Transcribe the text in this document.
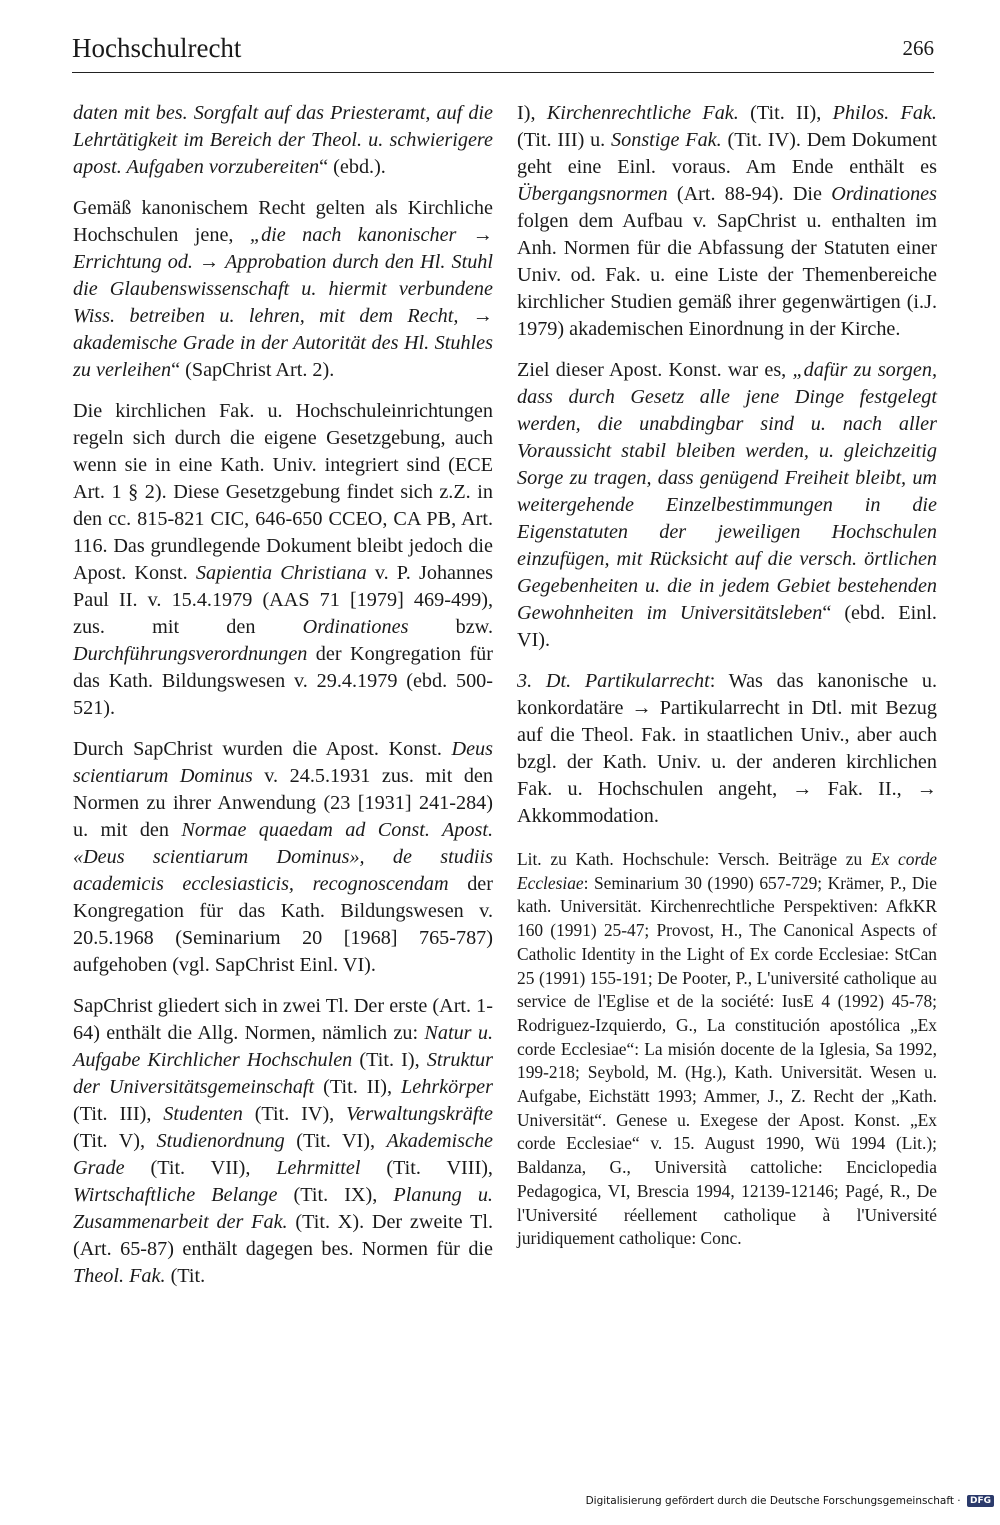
Hochschulrecht	266

daten mit bes. Sorgfalt auf das Priesteramt, auf die Lehrtätigkeit im Bereich der Theol. u. schwierigere apost. Aufgaben vorzubereiten“ (ebd.).

Gemäß kanonischem Recht gelten als Kirchliche Hochschulen jene, „die nach kanonischer → Errichtung od. → Approbation durch den Hl. Stuhl die Glaubenswissenschaft u. hiermit verbundene Wiss. betreiben u. lehren, mit dem Recht, → akademische Grade in der Autorität des Hl. Stuhles zu verleihen“ (SapChrist Art. 2).

Die kirchlichen Fak. u. Hochschuleinrichtungen regeln sich durch die eigene Gesetzgebung, auch wenn sie in eine Kath. Univ. integriert sind (ECE Art. 1 § 2). Diese Gesetzgebung findet sich z.Z. in den cc. 815-821 CIC, 646-650 CCEO, CA PB, Art. 116. Das grundlegende Dokument bleibt jedoch die Apost. Konst. Sapientia Christiana v. P. Johannes Paul II. v. 15.4.1979 (AAS 71 [1979] 469-499), zus. mit den Ordinationes bzw. Durchführungsverordnungen der Kongregation für das Kath. Bildungswesen v. 29.4.1979 (ebd. 500-521).

Durch SapChrist wurden die Apost. Konst. Deus scientiarum Dominus v. 24.5.1931 zus. mit den Normen zu ihrer Anwendung (23 [1931] 241-284) u. mit den Normae quaedam ad Const. Apost. «Deus scientiarum Dominus», de studiis academicis ecclesiasticis, recognoscendam der Kongregation für das Kath. Bildungswesen v. 20.5.1968 (Seminarium 20 [1968] 765-787) aufgehoben (vgl. SapChrist Einl. VI).

SapChrist gliedert sich in zwei Tl. Der erste (Art. 1-64) enthält die Allg. Normen, nämlich zu: Natur u. Aufgabe Kirchlicher Hochschulen (Tit. I), Struktur der Universitätsgemeinschaft (Tit. II), Lehrkörper (Tit. III), Studenten (Tit. IV), Verwaltungskräfte (Tit. V), Studienordnung (Tit. VI), Akademische Grade (Tit. VII), Lehrmittel (Tit. VIII), Wirtschaftliche Belange (Tit. IX), Planung u. Zusammenarbeit der Fak. (Tit. X). Der zweite Tl. (Art. 65-87) enthält dagegen bes. Normen für die Theol. Fak. (Tit.

I), Kirchenrechtliche Fak. (Tit. II), Philos. Fak. (Tit. III) u. Sonstige Fak. (Tit. IV). Dem Dokument geht eine Einl. voraus. Am Ende enthält es Übergangsnormen (Art. 88-94). Die Ordinationes folgen dem Aufbau v. SapChrist u. enthalten im Anh. Normen für die Abfassung der Statuten einer Univ. od. Fak. u. eine Liste der Themenbereiche kirchlicher Studien gemäß ihrer gegenwärtigen (i.J. 1979) akademischen Einordnung in der Kirche.

Ziel dieser Apost. Konst. war es, „dafür zu sorgen, dass durch Gesetz alle jene Dinge festgelegt werden, die unabdingbar sind u. nach aller Voraussicht stabil bleiben werden, u. gleichzeitig Sorge zu tragen, dass genügend Freiheit bleibt, um weitergehende Einzelbestimmungen in die Eigenstatuten der jeweiligen Hochschulen einzufügen, mit Rücksicht auf die versch. örtlichen Gegebenheiten u. die in jedem Gebiet bestehenden Gewohnheiten im Universitätsleben“ (ebd. Einl. VI).

3. Dt. Partikularrecht: Was das kanonische u. konkordatäre → Partikularrecht in Dtl. mit Bezug auf die Theol. Fak. in staatlichen Univ., aber auch bzgl. der Kath. Univ. u. der anderen kirchlichen Fak. u. Hochschulen angeht, → Fak. II., → Akkommodation.

Lit. zu Kath. Hochschule: Versch. Beiträge zu Ex corde Ecclesiae: Seminarium 30 (1990) 657-729; Krämer, P., Die kath. Universität. Kirchenrechtliche Perspektiven: AfkKR 160 (1991) 25-47; Provost, H., The Canonical Aspects of Catholic Identity in the Light of Ex corde Ecclesiae: StCan 25 (1991) 155-191; De Pooter, P., L'université catholique au service de l'Eglise et de la société: IusE 4 (1992) 45-78; Rodriguez-Izquierdo, G., La constitución apostólica „Ex corde Ecclesiae“: La misión docente de la Iglesia, Sa 1992, 199-218; Seybold, M. (Hg.), Kath. Universität. Wesen u. Aufgabe, Eichstätt 1993; Ammer, J., Z. Recht der „Kath. Universität“. Genese u. Exegese der Apost. Konst. „Ex corde Ecclesiae“ v. 15. August 1990, Wü 1994 (Lit.); Baldanza, G., Università cattoliche: Enciclopedia Pedagogica, VI, Brescia 1994, 12139-12146; Pagé, R., De l'Université réellement catholique à l'Université juridiquement catholique: Conc.

Digitalisierung gefördert durch die Deutsche Forschungsgemeinschaft · DFG
